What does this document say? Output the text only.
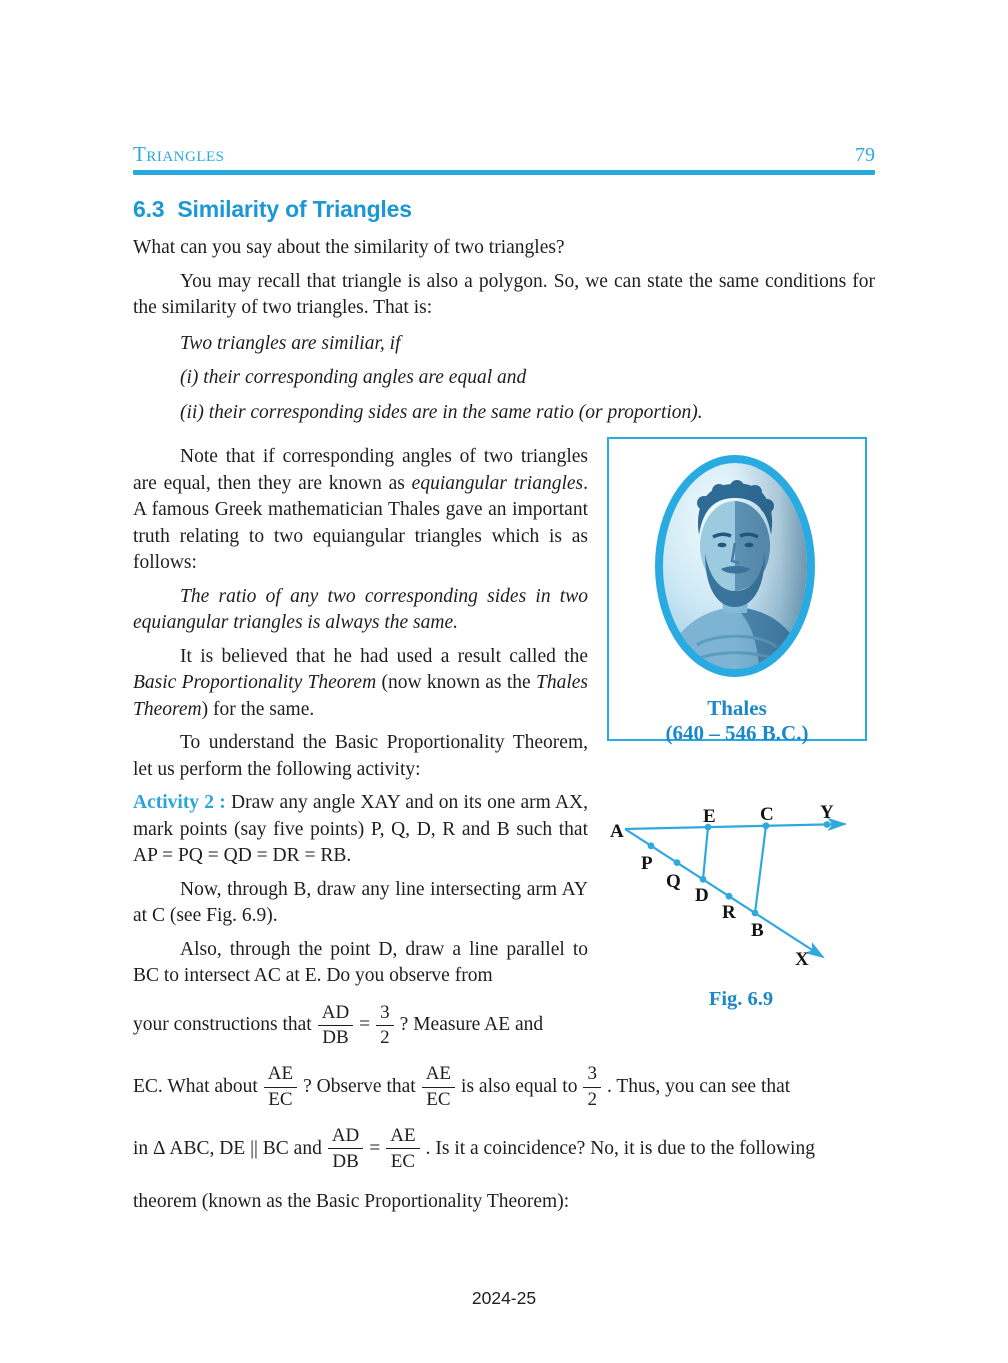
Triangles	79
6.3 Similarity of Triangles

What can you say about the similarity of two triangles?

You may recall that triangle is also a polygon. So, we can state the same conditions for the similarity of two triangles. That is:

Two triangles are similiar, if

(i) their corresponding angles are equal and

(ii) their corresponding sides are in the same ratio (or proportion).

Note that if corresponding angles of two triangles are equal, then they are known as equiangular triangles. A famous Greek mathematician Thales gave an important truth relating to two equiangular triangles which is as follows:

The ratio of any two corresponding sides in two equiangular triangles is always the same.

It is believed that he had used a result called the Basic Proportionality Theorem (now known as the Thales Theorem) for the same.

To understand the Basic Proportionality Theorem, let us perform the following activity:

Activity 2 : Draw any angle XAY and on its one arm AX, mark points (say five points) P, Q, D, R and B such that AP = PQ = QD = DR = RB.

Now, through B, draw any line intersecting arm AY at C (see Fig. 6.9).

Also, through the point D, draw a line parallel to BC to intersect AC at E. Do you observe from

your constructions that $\frac{AD}{DB} = \frac{3}{2}$ ? Measure AE and
Thales
(640 – 546 B.C.)
A
E C Y
P
Q
D
R
B
X
Fig. 6.9
EC. What about $\frac{AE}{EC}$ ? Observe that $\frac{AE}{EC}$ is also equal to $\frac{3}{2}$ . Thus, you can see that
in Δ ABC, DE || BC and $\frac{AD}{DB} = \frac{AE}{EC}$ . Is it a coincidence? No, it is due to the following

theorem (known as the Basic Proportionality Theorem):

2024-25
